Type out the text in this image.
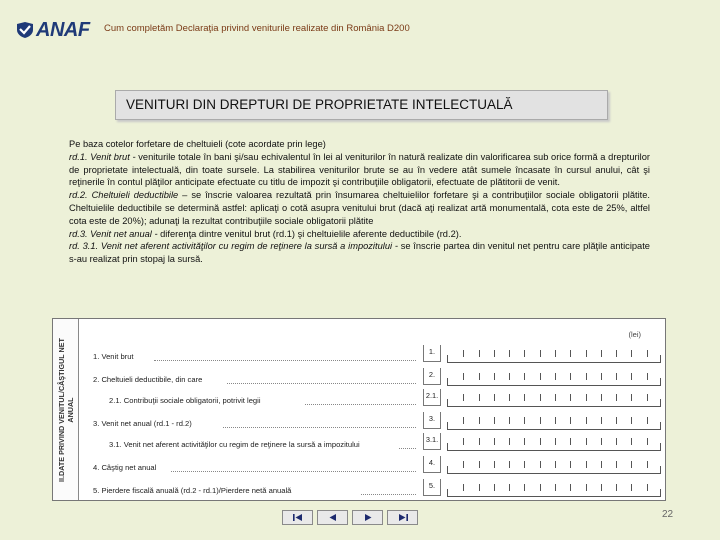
ANAF Cum completăm Declaraţia privind veniturile realizate din România D200
VENITURI DIN DREPTURI DE PROPRIETATE INTELECTUALĂ

Pe baza cotelor forfetare de cheltuieli (cote acordate prin lege)

rd.1. Venit brut - veniturile totale în bani şi/sau echivalentul în lei al veniturilor în natură realizate din valorificarea sub orice formă a drepturilor de proprietate intelectuală, din toate sursele. La stabilirea veniturilor brute se au în vedere atât sumele încasate în cursul anului, cât şi reţinerile în contul plăţilor anticipate efectuate cu titlu de impozit şi contribuţiile obligatorii, efectuate de plătitorii de venit.

rd.2. Cheltuieli deductibile – se înscrie valoarea rezultată prin însumarea cheltuielilor forfetare şi a contribuţiilor sociale obligatorii plătite. Cheltuielile deductibile se determină astfel: aplicaţi o cotă asupra venitului brut (dacă aţi realizat artă monumentală, cota este de 25%, altfel cota este de 20%); adunaţi la rezultat contribuţiile sociale obligatorii plătite

rd.3. Venit net anual - diferenţa dintre venitul brut (rd.1) şi cheltuielile aferente deductibile (rd.2).

rd. 3.1. Venit net aferent activităţilor cu regim de reţinere la sursă a impozitului - se înscrie partea din venitul net pentru care plăţile anticipate s-au realizat prin stopaj la sursă.

II.DATE PRIVIND VENITUL/CÂŞTIGUL NET ANUAL
(lei)
1. Venit brut
1.
2. Cheltuieli deductibile, din care
2.
2.1. Contribuţii sociale obligatorii, potrivit legii
2.1.
3. Venit net anual (rd.1 - rd.2)
3.
3.1. Venit net aferent activităţilor cu regim de reţinere la sursă a impozitului
3.1.
4. Câştig net anual
4.
5. Pierdere fiscală anuală (rd.2 - rd.1)/Pierdere netă anuală
5.
22
